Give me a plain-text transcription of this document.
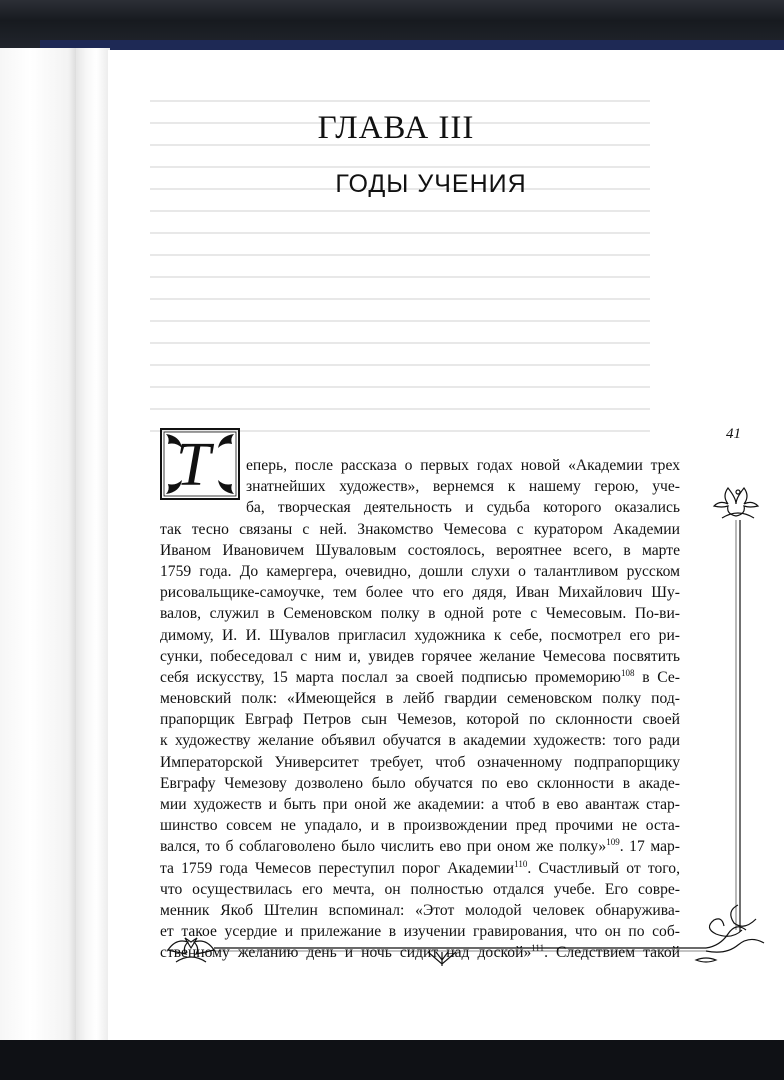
ГЛАВА III
ГОДЫ УЧЕНИЯ
41
Т	еперь, после рассказа о первых годах новой «Академии трех
знатнейших художеств», вернемся к нашему герою, уче-
ба, творческая деятельность и судьба которого оказались
так тесно связаны с ней. Знакомство Чемесова с куратором Академии
Иваном Ивановичем Шуваловым состоялось, вероятнее всего, в марте
1759 года. До камергера, очевидно, дошли слухи о талантливом русском
рисовальщике-самоучке, тем более что его дядя, Иван Михайлович Шу-
валов, служил в Семеновском полку в одной роте с Чемесовым. По-ви-
димому, И. И. Шувалов пригласил художника к себе, посмотрел его ри-
сунки, побеседовал с ним и, увидев горячее желание Чемесова посвятить
себя искусству, 15 марта послал за своей подписью промеморию$^{108}$ в Се-
меновский полк: «Имеющейся в лейб гвардии семеновском полку под-
прапорщик Евграф Петров сын Чемезов, которой по склонности своей
к художеству желание объявил обучатся в академии художеств: того ради
Императорской Университет требует, чтоб означенному подпрапорщику
Евграфу Чемезову дозволено было обучатся по ево склонности в акаде-
мии художеств и быть при оной же академии: а чтоб в ево авантаж стар-
шинство совсем не упадало, и в произвождении пред прочими не оста-
вался, то б соблаговолено было числить ево при оном же полку»$^{109}$. 17 мар-
та 1759 года Чемесов переступил порог Академии$^{110}$. Счастливый от того,
что осуществилась его мечта, он полностью отдался учебе. Его совре-
менник Якоб Штелин вспоминал: «Этот молодой человек обнаружива-
ет такое усердие и прилежание в изучении гравирования, что он по соб-
ственному желанию день и ночь сидит над доской»$^{111}$. Следствием такой
